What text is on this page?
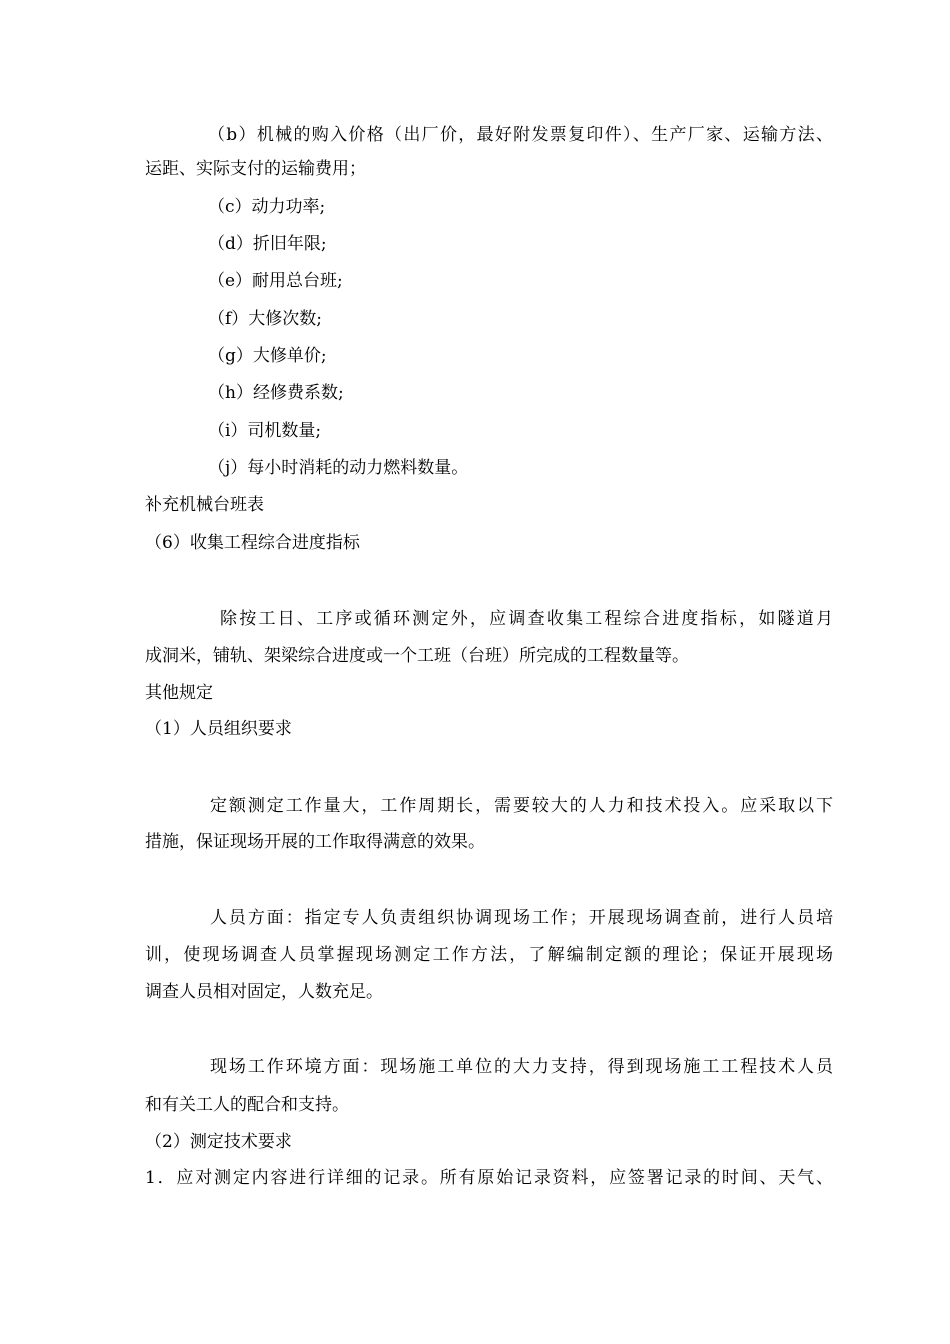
（b）机械的购入价格（出厂价，最好附发票复印件）、生产厂家、运输方法、
运距、实际支付的运输费用；
（c）动力功率;
（d）折旧年限;
（e）耐用总台班;
（f）大修次数;
（g）大修单价;
（h）经修费系数;
（i）司机数量;
（j）每小时消耗的动力燃料数量。
补充机械台班表
（6）收集工程综合进度指标
除按工日、工序或循环测定外，应调查收集工程综合进度指标，如隧道月
成洞米，铺轨、架梁综合进度或一个工班（台班）所完成的工程数量等。
其他规定
（1）人员组织要求
定额测定工作量大，工作周期长，需要较大的人力和技术投入。应采取以下
措施，保证现场开展的工作取得满意的效果。
人员方面：指定专人负责组织协调现场工作；开展现场调查前，进行人员培
训，使现场调查人员掌握现场测定工作方法，了解编制定额的理论；保证开展现场
调查人员相对固定，人数充足。
现场工作环境方面：现场施工单位的大力支持，得到现场施工工程技术人员
和有关工人的配合和支持。
（2）测定技术要求
1．应对测定内容进行详细的记录。所有原始记录资料，应签署记录的时间、天气、
